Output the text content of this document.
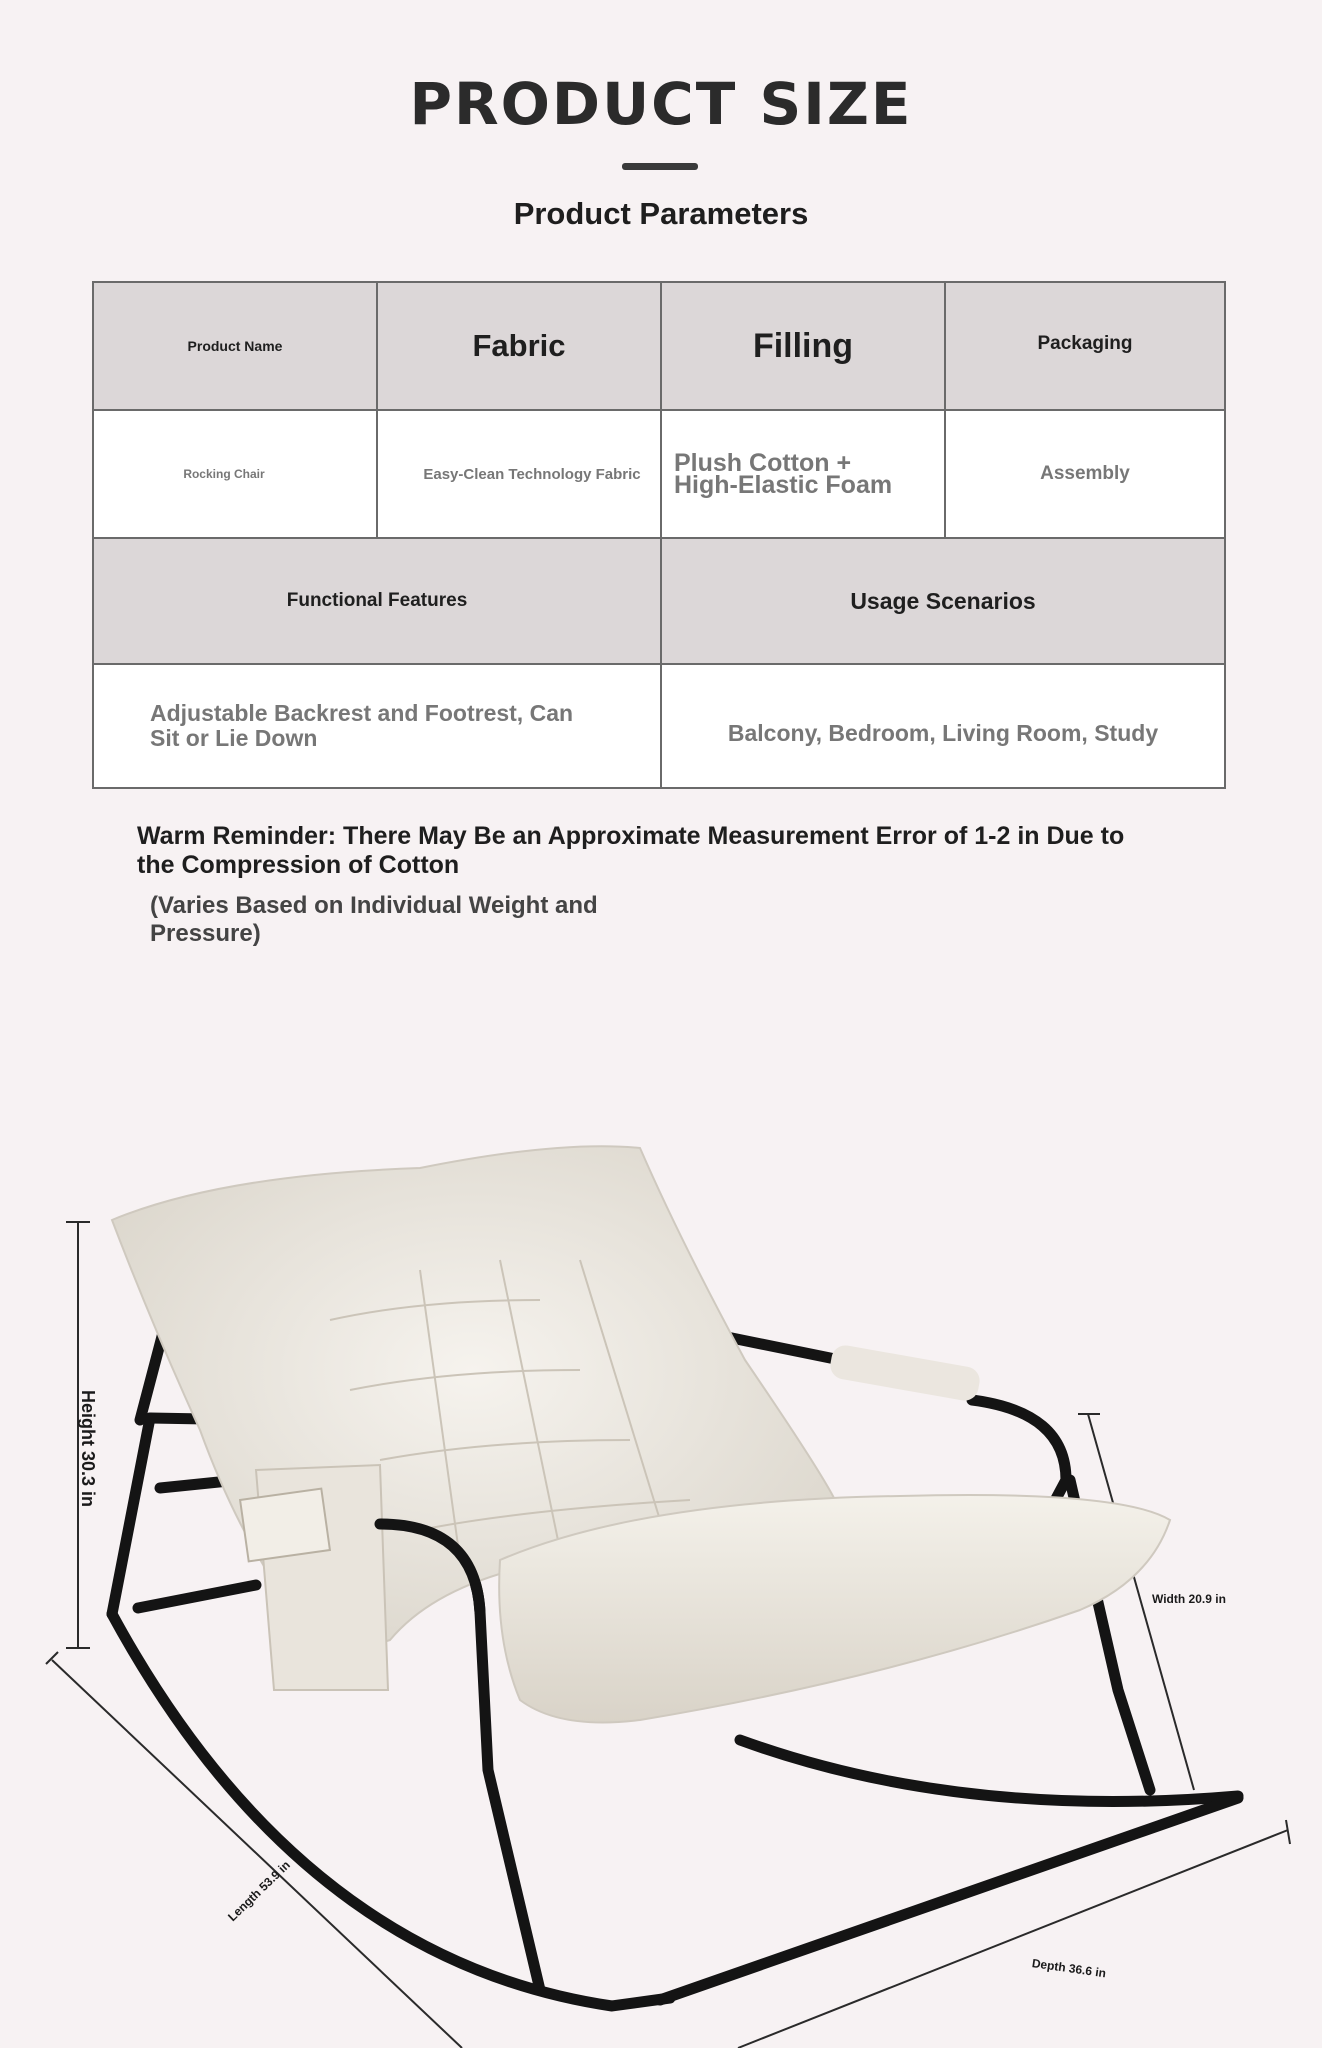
PRODUCT SIZE
Product Parameters
Product Name	Fabric	Filling	Packaging
Rocking Chair	Easy-Clean Technology Fabric	Plush Cotton + High-Elastic Foam	Assembly
Functional Features	Usage Scenarios
Adjustable Backrest and Footrest, Can Sit or Lie Down	Balcony, Bedroom, Living Room, Study
Warm Reminder: There May Be an Approximate Measurement Error of 1-2 in Due to the Compression of Cotton
(Varies Based on Individual Weight and Pressure)
Height 30.3 in
Width 20.9 in
Length 53.9 in
Depth 36.6 in
